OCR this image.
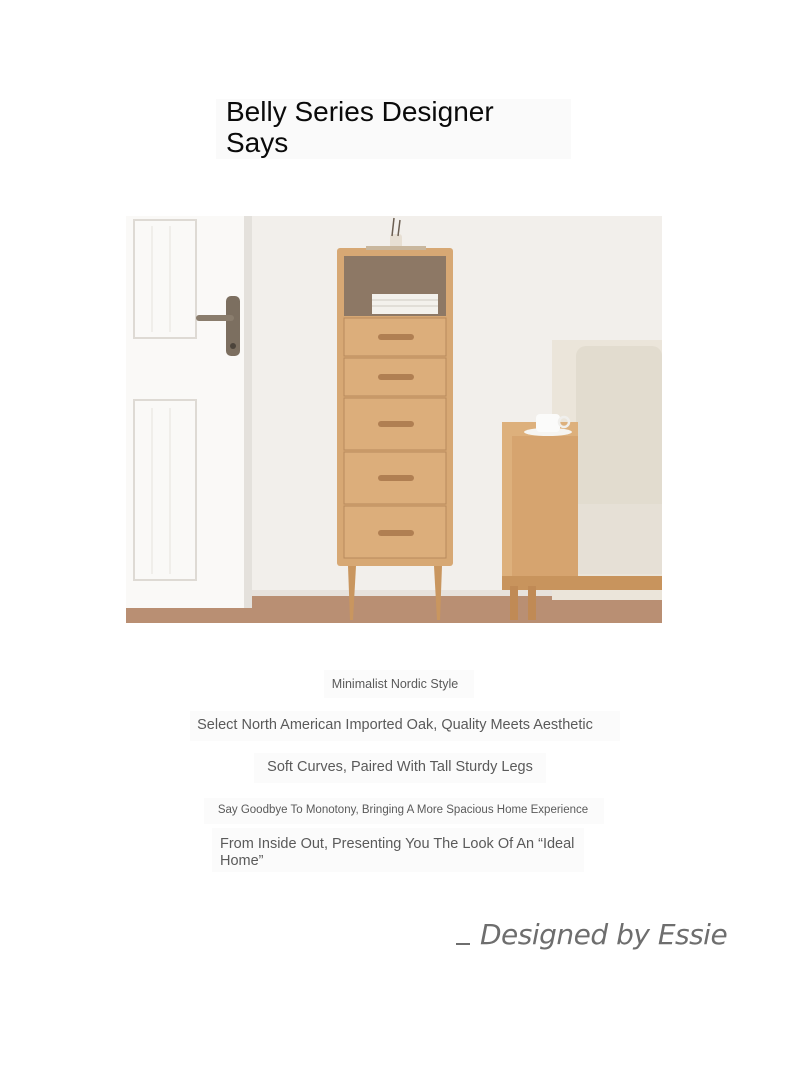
Belly Series Designer Says
Minimalist Nordic Style
Select North American Imported Oak, Quality Meets Aesthetic
Soft Curves, Paired With Tall Sturdy Legs
Say Goodbye To Monotony, Bringing A More Spacious Home Experience
From Inside Out, Presenting You The Look Of An “Ideal Home”
Designed by Essie
